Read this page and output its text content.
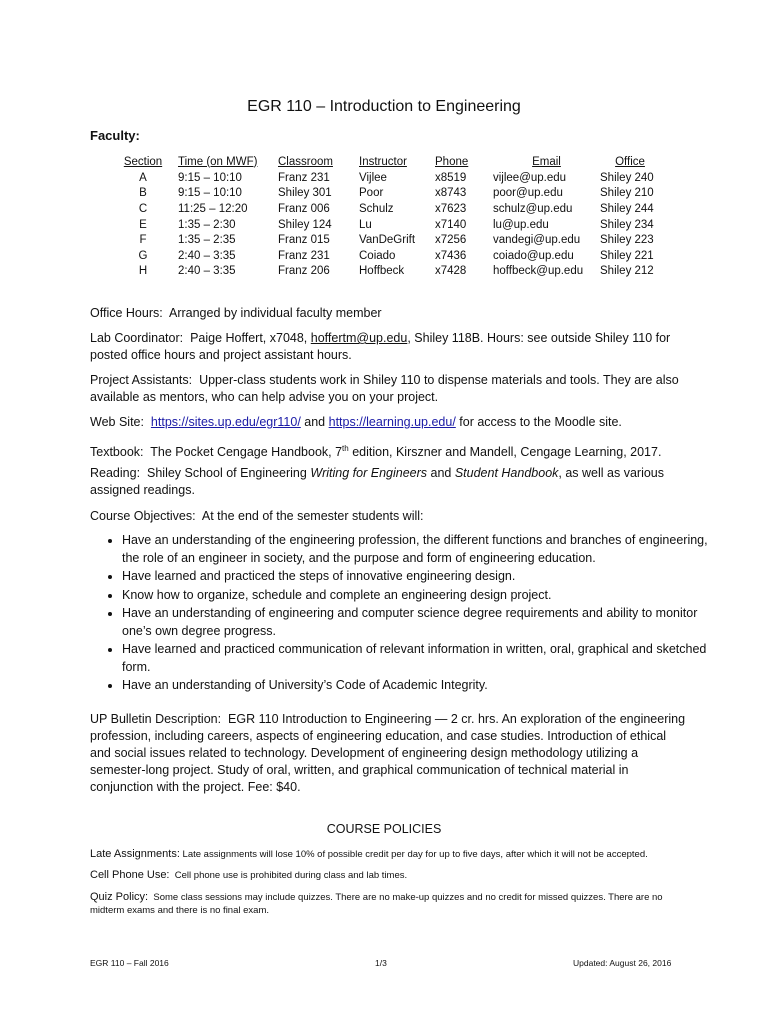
EGR 110 – Introduction to Engineering
Faculty:
Section	Time (on MWF)	Classroom	Instructor	Phone	Email	Office
A	9:15 – 10:10	Franz 231	Vijlee	x8519	vijlee@up.edu	Shiley 240
B	9:15 – 10:10	Shiley 301	Poor	x8743	poor@up.edu	Shiley 210
C	11:25 – 12:20	Franz 006	Schulz	x7623	schulz@up.edu	Shiley 244
E	1:35 – 2:30	Shiley 124	Lu	x7140	lu@up.edu	Shiley 234
F	1:35 – 2:35	Franz 015	VanDeGrift	x7256	vandegi@up.edu	Shiley 223
G	2:40 – 3:35	Franz 231	Coiado	x7436	coiado@up.edu	Shiley 221
H	2:40 – 3:35	Franz 206	Hoffbeck	x7428	hoffbeck@up.edu	Shiley 212
Office Hours: Arranged by individual faculty member
Lab Coordinator: Paige Hoffert, x7048, hoffertm@up.edu, Shiley 118B. Hours: see outside Shiley 110 for posted office hours and project assistant hours.
Project Assistants: Upper-class students work in Shiley 110 to dispense materials and tools. They are also available as mentors, who can help advise you on your project.
Web Site: https://sites.up.edu/egr110/ and https://learning.up.edu/ for access to the Moodle site.
Textbook: The Pocket Cengage Handbook, 7th edition, Kirszner and Mandell, Cengage Learning, 2017.
Reading: Shiley School of Engineering Writing for Engineers and Student Handbook, as well as various assigned readings.
Course Objectives: At the end of the semester students will:
• Have an understanding of the engineering profession, the different functions and branches of engineering, the role of an engineer in society, and the purpose and form of engineering education.
• Have learned and practiced the steps of innovative engineering design.
• Know how to organize, schedule and complete an engineering design project.
• Have an understanding of engineering and computer science degree requirements and ability to monitor one’s own degree progress.
• Have learned and practiced communication of relevant information in written, oral, graphical and sketched form.
• Have an understanding of University’s Code of Academic Integrity.
UP Bulletin Description: EGR 110 Introduction to Engineering — 2 cr. hrs. An exploration of the engineering profession, including careers, aspects of engineering education, and case studies. Introduction of ethical and social issues related to technology. Development of engineering design methodology utilizing a semester-long project. Study of oral, written, and graphical communication of technical material in conjunction with the project. Fee: $40.
COURSE POLICIES
Late Assignments: Late assignments will lose 10% of possible credit per day for up to five days, after which it will not be accepted.
Cell Phone Use: Cell phone use is prohibited during class and lab times.
Quiz Policy: Some class sessions may include quizzes. There are no make-up quizzes and no credit for missed quizzes. There are no midterm exams and there is no final exam.
EGR 110 – Fall 2016	1/3	Updated: August 26, 2016
